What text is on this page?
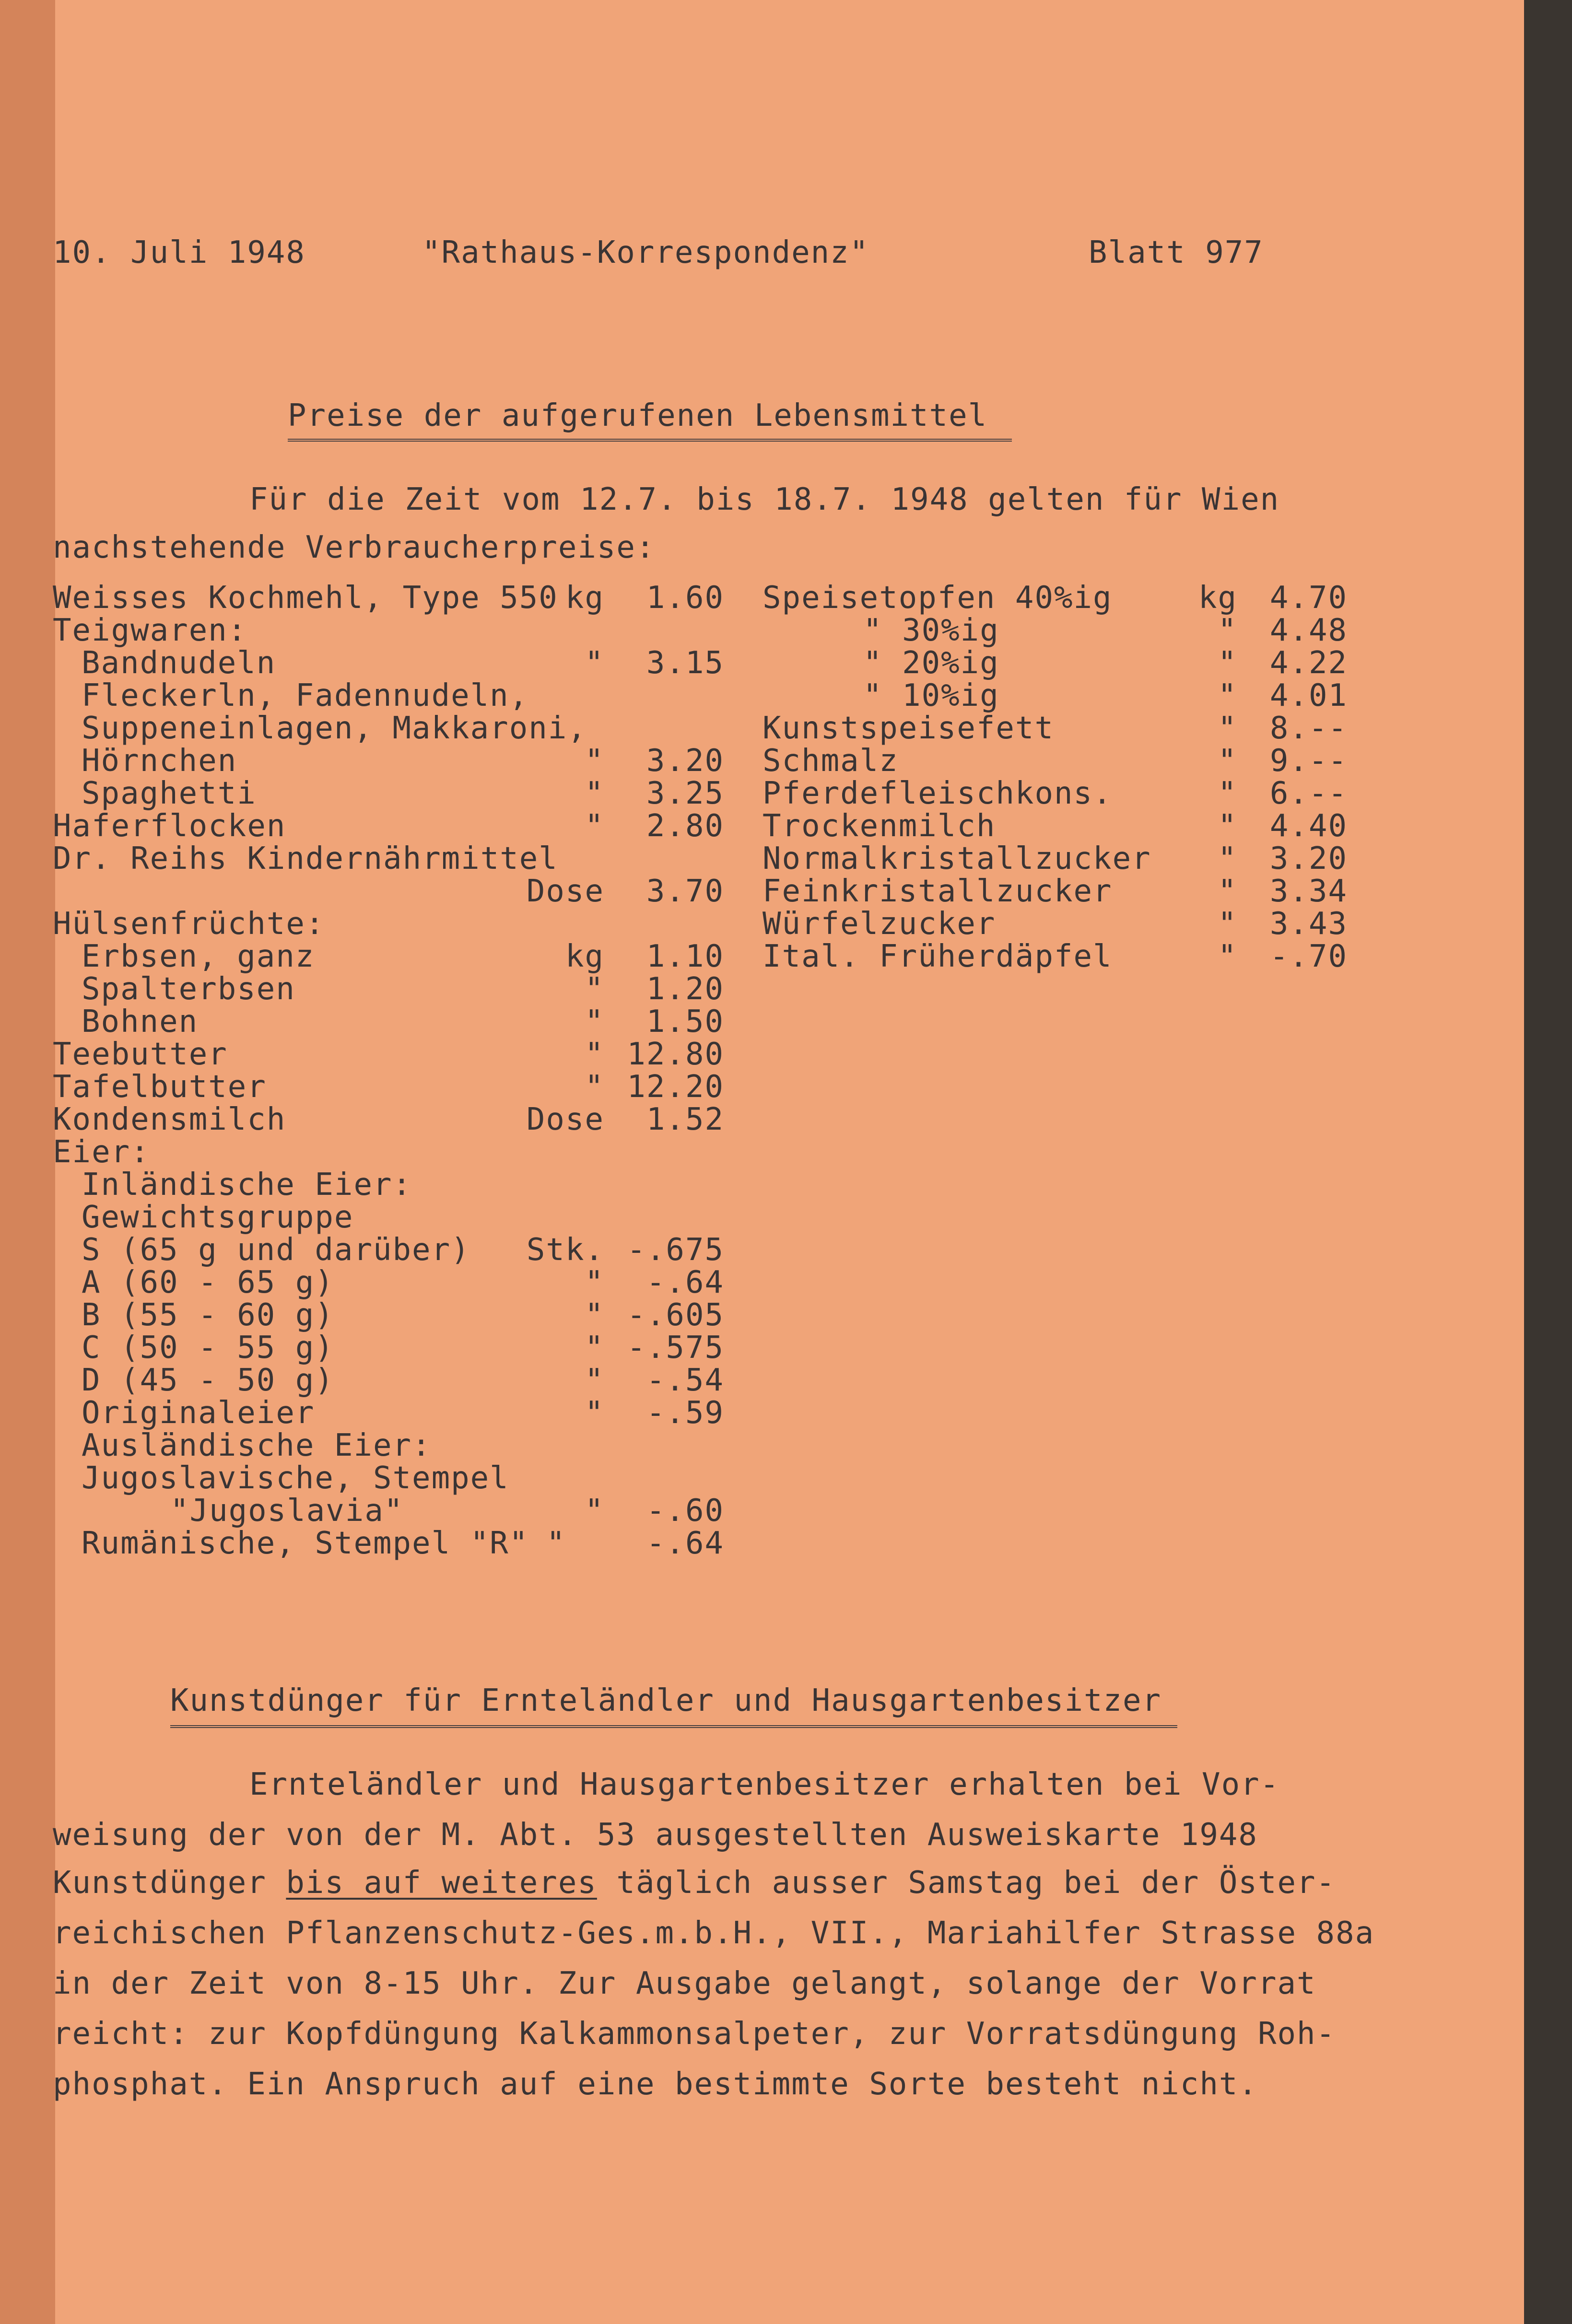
10. Juli 1948	"Rathaus-Korrespondenz"	Blatt 977
Preise der aufgerufenen Lebensmittel
Für die Zeit vom 12.7. bis 18.7. 1948 gelten für Wien
nachstehende Verbraucherpreise:
Weisses Kochmehl, Type 550 kg	1.60
Teigwaren:
Bandnudeln	"	3.15
Fleckerln, Fadennudeln,
Suppeneinlagen, Makkaroni,
Hörnchen	"	3.20
Spaghetti	"	3.25
Haferflocken	"	2.80
Dr. Reihs Kindernährmittel
Dose	3.70
Hülsenfrüchte:
Erbsen, ganz	kg	1.10
Spalterbsen	"	1.20
Bohnen	"	1.50
Teebutter	" 12.80
Tafelbutter	" 12.20
Kondensmilch	Dose	1.52
Eier:
Inländische Eier:
Gewichtsgruppe
S (65 g und darüber)	Stk. -.675
A (60 - 65 g)	"	-.64
B (55 - 60 g)	" -.605
C (50 - 55 g)	" -.575
D (45 - 50 g)	"	-.54
Originaleier	"	-.59
Ausländische Eier:
Jugoslavische, Stempel
"Jugoslavia"	"	-.60
Rumänische, Stempel "R" "	-.64
Speisetopfen 40%ig	kg	4.70
" 30%ig	"	4.48
" 20%ig	"	4.22
" 10%ig	"	4.01
Kunstspeisefett	"	8.--
Schmalz	"	9.--
Pferdefleischkons.	"	6.--
Trockenmilch	"	4.40
Normalkristallzucker	"	3.20
Feinkristallzucker	"	3.34
Würfelzucker	"	3.43
Ital. Früherdäpfel	"	-.70
Kunstdünger für Ernteländler und Hausgartenbesitzer
Ernteländler und Hausgartenbesitzer erhalten bei Vor-
weisung der von der M. Abt. 53 ausgestellten Ausweiskarte 1948
Kunstdünger bis auf weiteres täglich ausser Samstag bei der Öster-
reichischen Pflanzenschutz-Ges.m.b.H., VII., Mariahilfer Strasse 88a
in der Zeit von 8-15 Uhr. Zur Ausgabe gelangt, solange der Vorrat
reicht: zur Kopfdüngung Kalkammonsalpeter, zur Vorratsdüngung Roh-
phosphat. Ein Anspruch auf eine bestimmte Sorte besteht nicht.
